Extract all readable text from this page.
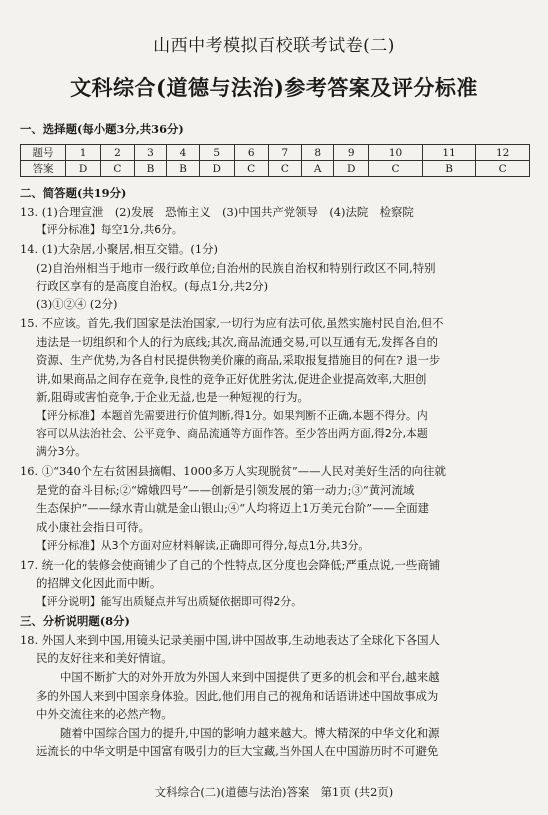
山西中考模拟百校联考试卷(二)
文科综合(道德与法治)参考答案及评分标准
一、选择题(每小题3分,共36分)
题号	1	2	3	4	5	6	7	8	9	10	11	12
答案	D	C	B	B	D	C	C	A	D	C	B	C
二、简答题(共19分)
13. (1)合理宣泄　(2)发展　恐怖主义　(3)中国共产党领导　(4)法院　检察院
【评分标准】每空1分,共6分。
14. (1)大杂居,小聚居,相互交错。(1分)
(2)自治州相当于地市一级行政单位;自治州的民族自治权和特别行政区不同,特别
行政区享有的是高度自治权。(每点1分,共2分)
(3)①②④ (2分)
15. 不应该。首先,我们国家是法治国家,一切行为应有法可依,虽然实施村民自治,但不
违法是一切组织和个人的行为底线;其次,商品流通交易,可以互通有无,发挥各自的
资源、生产优势,为各自村民提供物美价廉的商品,采取报复措施目的何在? 退一步
讲,如果商品之间存在竞争,良性的竞争正好优胜劣汰,促进企业提高效率,大胆创
新,阻碍或害怕竞争,于企业无益,也是一种短视的行为。
【评分标准】本题首先需要进行价值判断,得1分。如果判断不正确,本题不得分。内
容可以从法治社会、公平竞争、商品流通等方面作答。至少答出两方面,得2分,本题
满分3分。
16. ①“340个左右贫困县摘帽、1000多万人实现脱贫”——人民对美好生活的向往就
是党的奋斗目标;②“嫦娥四号”——创新是引领发展的第一动力;③“黄河流域
生态保护”——绿水青山就是金山银山;④“人均将迈上1万美元台阶”——全面建
成小康社会指日可待。
【评分标准】从3个方面对应材料解读,正确即可得分,每点1分,共3分。
17. 统一化的装修会使商铺少了自己的个性特点,区分度也会降低;严重点说,一些商铺
的招牌文化因此而中断。
【评分说明】能写出质疑点并写出质疑依据即可得2分。
三、分析说明题(8分)
18. 外国人来到中国,用镜头记录美丽中国,讲中国故事,生动地表达了全球化下各国人
民的友好往来和美好情谊。
中国不断扩大的对外开放为外国人来到中国提供了更多的机会和平台,越来越
多的外国人来到中国亲身体验。因此,他们用自己的视角和话语讲述中国故事成为
中外交流往来的必然产物。
随着中国综合国力的提升,中国的影响力越来越大。博大精深的中华文化和源
远流长的中华文明是中国富有吸引力的巨大宝藏,当外国人在中国游历时不可避免
文科综合(二)(道德与法治)答案　第1页 (共2页)
